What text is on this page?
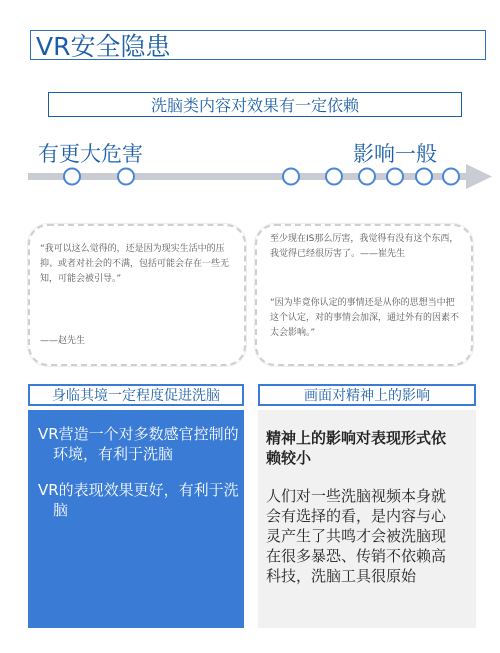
VR安全隐患
洗脑类内容对效果有一定依赖
有更大危害	影响一般
“我可以这么觉得的，还是因为现实生活中的压抑、或者对社会的不满，包括可能会存在一些无知，可能会被引导。”
——赵先生
至少现在IS那么厉害，我觉得有没有这个东西，我觉得已经很厉害了。——崔先生
“因为毕竟你认定的事情还是从你的思想当中把这个认定，对的事情会加深，通过外有的因素不太会影响。”
身临其境一定程度促进洗脑	画面对精神上的影响
VR营造一个对多数感官控制的环境，有利于洗脑
VR的表现效果更好，有利于洗脑
精神上的影响对表现形式依赖较小
人们对一些洗脑视频本身就会有选择的看，是内容与心灵产生了共鸣才会被洗脑现在很多暴恐、传销不依赖高科技，洗脑工具很原始
